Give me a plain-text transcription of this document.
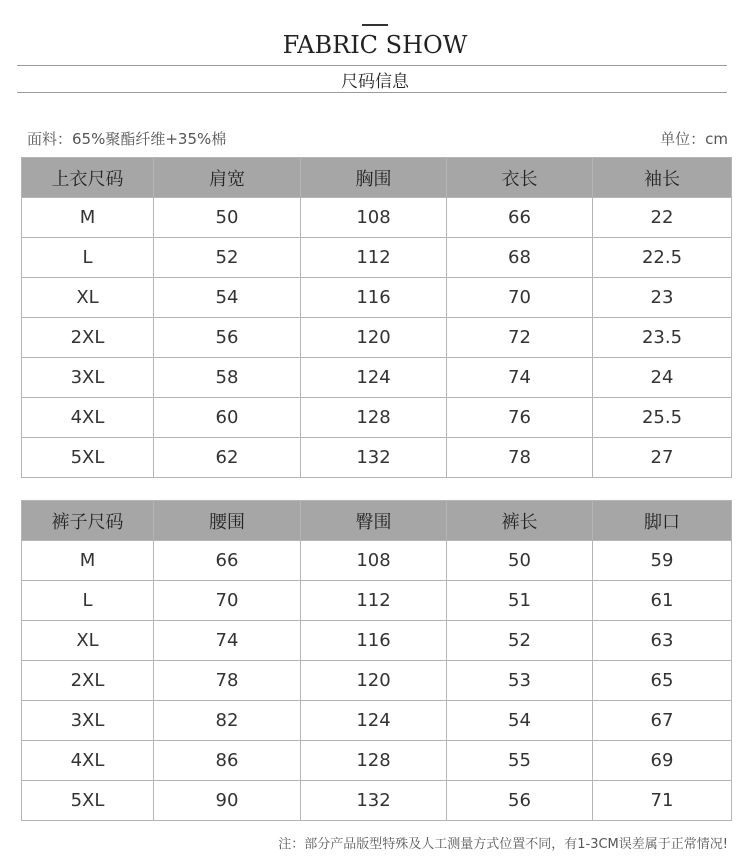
FABRIC SHOW
尺码信息
面料：65%聚酯纤维+35%棉	单位：cm
上衣尺码	肩宽	胸围	衣长	袖长
M	50	108	66	22
L	52	112	68	22.5
XL	54	116	70	23
2XL	56	120	72	23.5
3XL	58	124	74	24
4XL	60	128	76	25.5
5XL	62	132	78	27
裤子尺码	腰围	臀围	裤长	脚口
M	66	108	50	59
L	70	112	51	61
XL	74	116	52	63
2XL	78	120	53	65
3XL	82	124	54	67
4XL	86	128	55	69
5XL	90	132	56	71
注：部分产品版型特殊及人工测量方式位置不同，有1-3CM误差属于正常情况!
